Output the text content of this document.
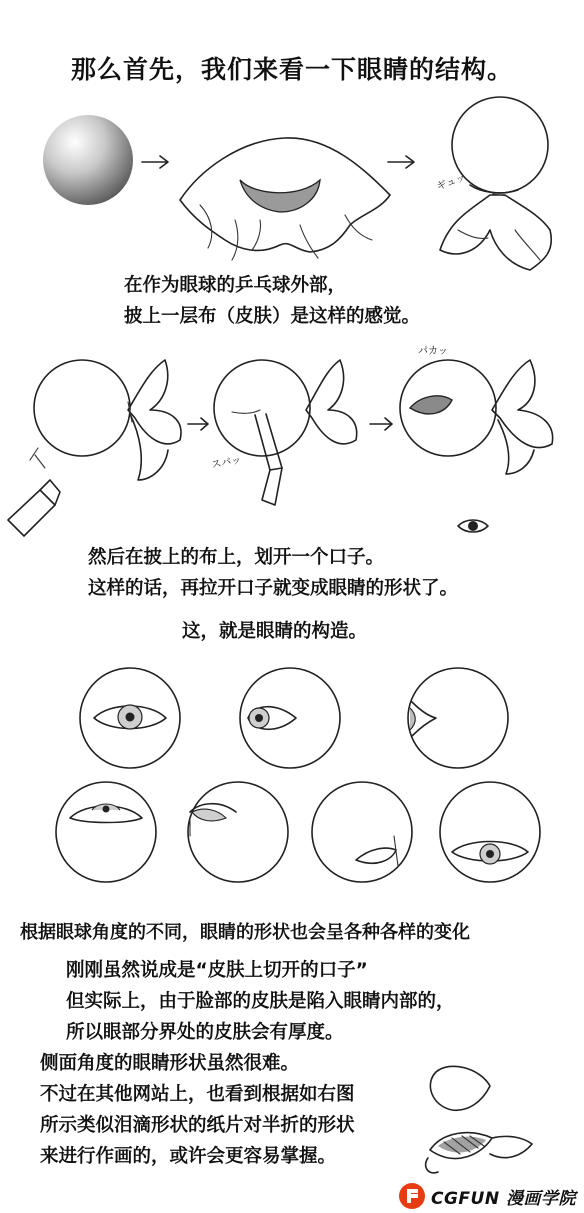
那么首先，我们来看一下眼睛的结构。
ギュッ
在作为眼球的乒乓球外部，
披上一层布（皮肤）是这样的感觉。
スパッ
パカッ
然后在披上的布上，划开一个口子。
这样的话，再拉开口子就变成眼睛的形状了。
这，就是眼睛的构造。
根据眼球角度的不同，眼睛的形状也会呈各种各样的变化
刚刚虽然说成是“皮肤上切开的口子”
但实际上，由于脸部的皮肤是陷入眼睛内部的，
所以眼部分界处的皮肤会有厚度。
侧面角度的眼睛形状虽然很难。
不过在其他网站上，也看到根据如右图
所示类似泪滴形状的纸片对半折的形状
来进行作画的，或许会更容易掌握。
CGFUN 漫画学院
